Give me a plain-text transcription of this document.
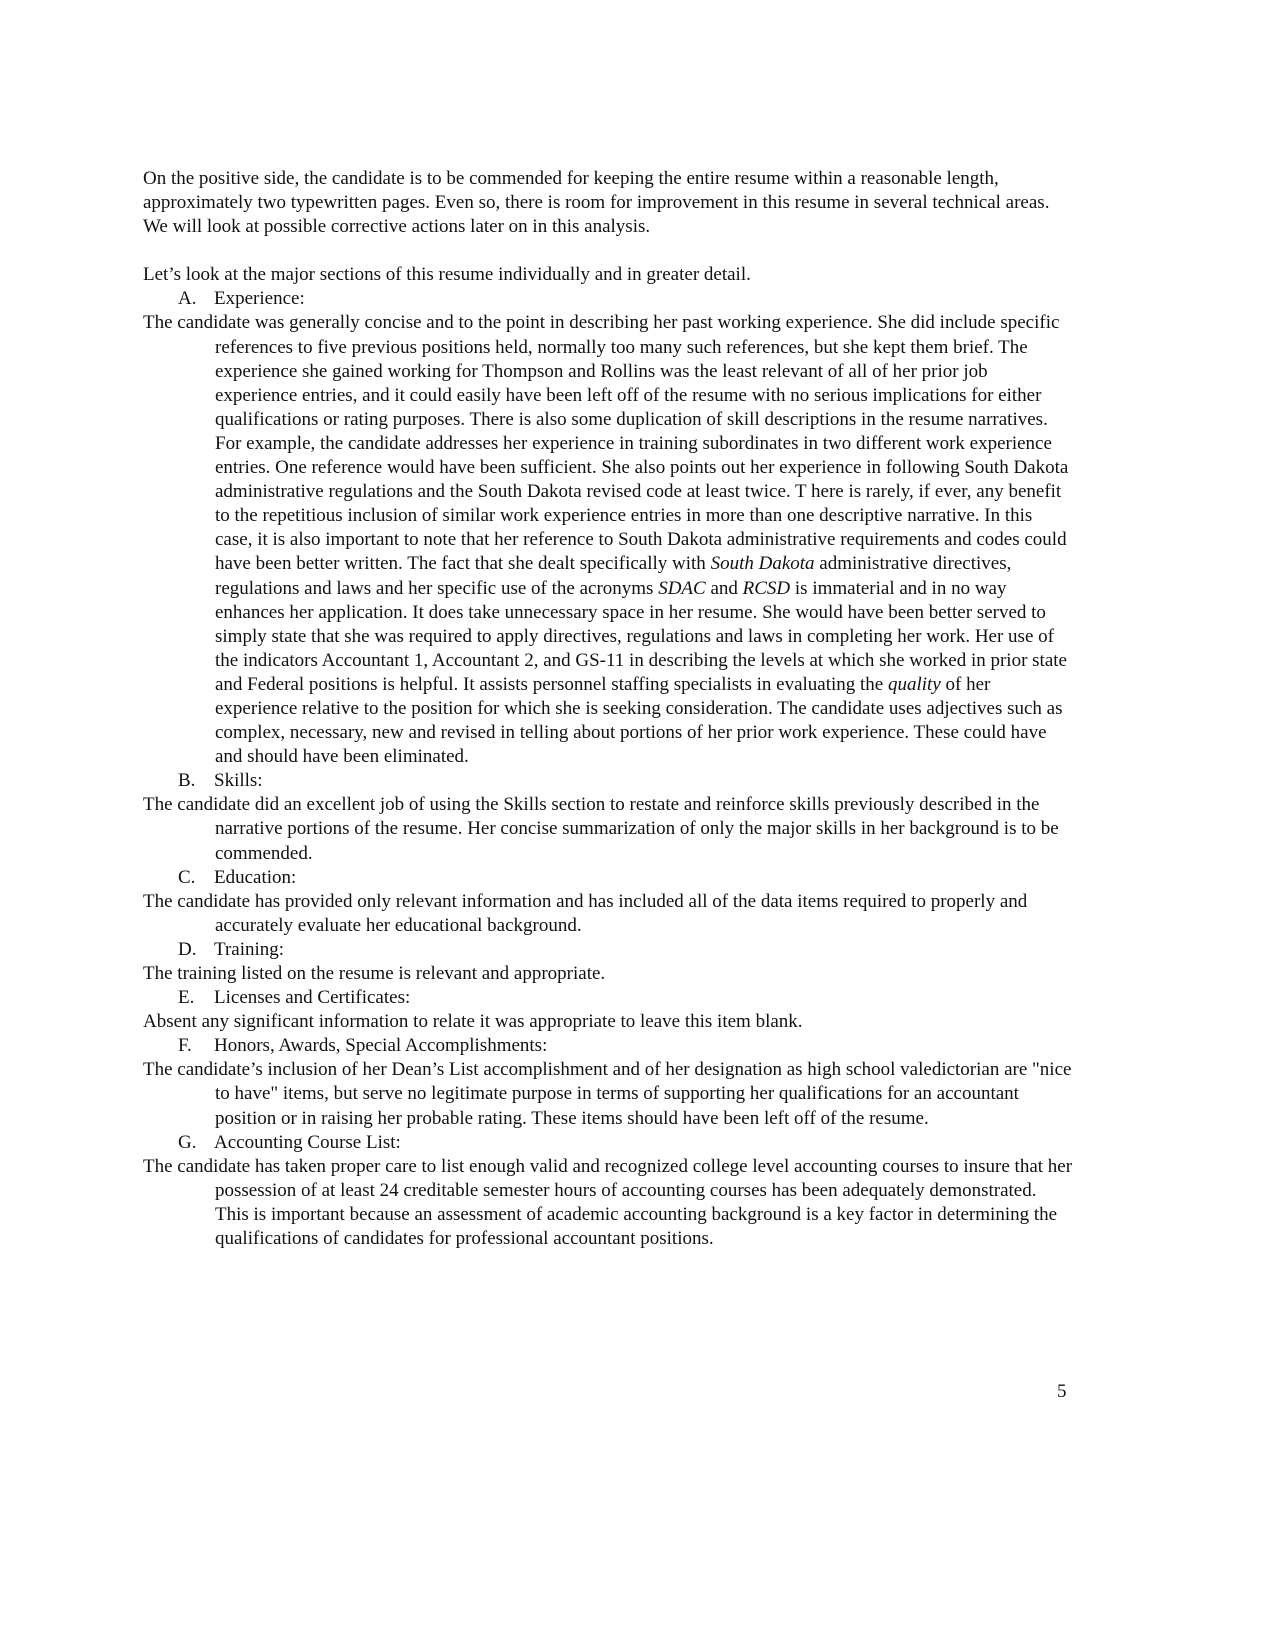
On the positive side, the candidate is to be commended for keeping the entire resume within a reasonable length, approximately two typewritten pages. Even so, there is room for improvement in this resume in several technical areas. We will look at possible corrective actions later on in this analysis.

Let’s look at the major sections of this resume individually and in greater detail.

A. Experience:

The candidate was generally concise and to the point in describing her past working experience. She did include specific references to five previous positions held, normally too many such references, but she kept them brief. The experience she gained working for Thompson and Rollins was the least relevant of all of her prior job experience entries, and it could easily have been left off of the resume with no serious implications for either qualifications or rating purposes. There is also some duplication of skill descriptions in the resume narratives. For example, the candidate addresses her experience in training subordinates in two different work experience entries. One reference would have been sufficient. She also points out her experience in following South Dakota administrative regulations and the South Dakota revised code at least twice. T here is rarely, if ever, any benefit to the repetitious inclusion of similar work experience entries in more than one descriptive narrative. In this case, it is also important to note that her reference to South Dakota administrative requirements and codes could have been better written. The fact that she dealt specifically with South Dakota administrative directives, regulations and laws and her specific use of the acronyms SDAC and RCSD is immaterial and in no way enhances her application. It does take unnecessary space in her resume. She would have been better served to simply state that she was required to apply directives, regulations and laws in completing her work. Her use of the indicators Accountant 1, Accountant 2, and GS-11 in describing the levels at which she worked in prior state and Federal positions is helpful. It assists personnel staffing specialists in evaluating the quality of her experience relative to the position for which she is seeking consideration. The candidate uses adjectives such as complex, necessary, new and revised in telling about portions of her prior work experience. These could have and should have been eliminated.

B. Skills:

The candidate did an excellent job of using the Skills section to restate and reinforce skills previously described in the narrative portions of the resume. Her concise summarization of only the major skills in her background is to be commended.

C. Education:

The candidate has provided only relevant information and has included all of the data items required to properly and accurately evaluate her educational background.

D. Training:

The training listed on the resume is relevant and appropriate.

E.	Licenses and Certificates:

Absent any significant information to relate it was appropriate to leave this item blank.

F.	Honors, Awards, Special Accomplishments:

The candidate’s inclusion of her Dean’s List accomplishment and of her designation as high school valedictorian are "nice to have" items, but serve no legitimate purpose in terms of supporting her qualifications for an accountant position or in raising her probable rating. These items should have been left off of the resume.

G. Accounting Course List:

The candidate has taken proper care to list enough valid and recognized college level accounting courses to insure that her possession of at least 24 creditable semester hours of accounting courses has been adequately demonstrated. This is important because an assessment of academic accounting background is a key factor in determining the qualifications of candidates for professional accountant positions.

5
